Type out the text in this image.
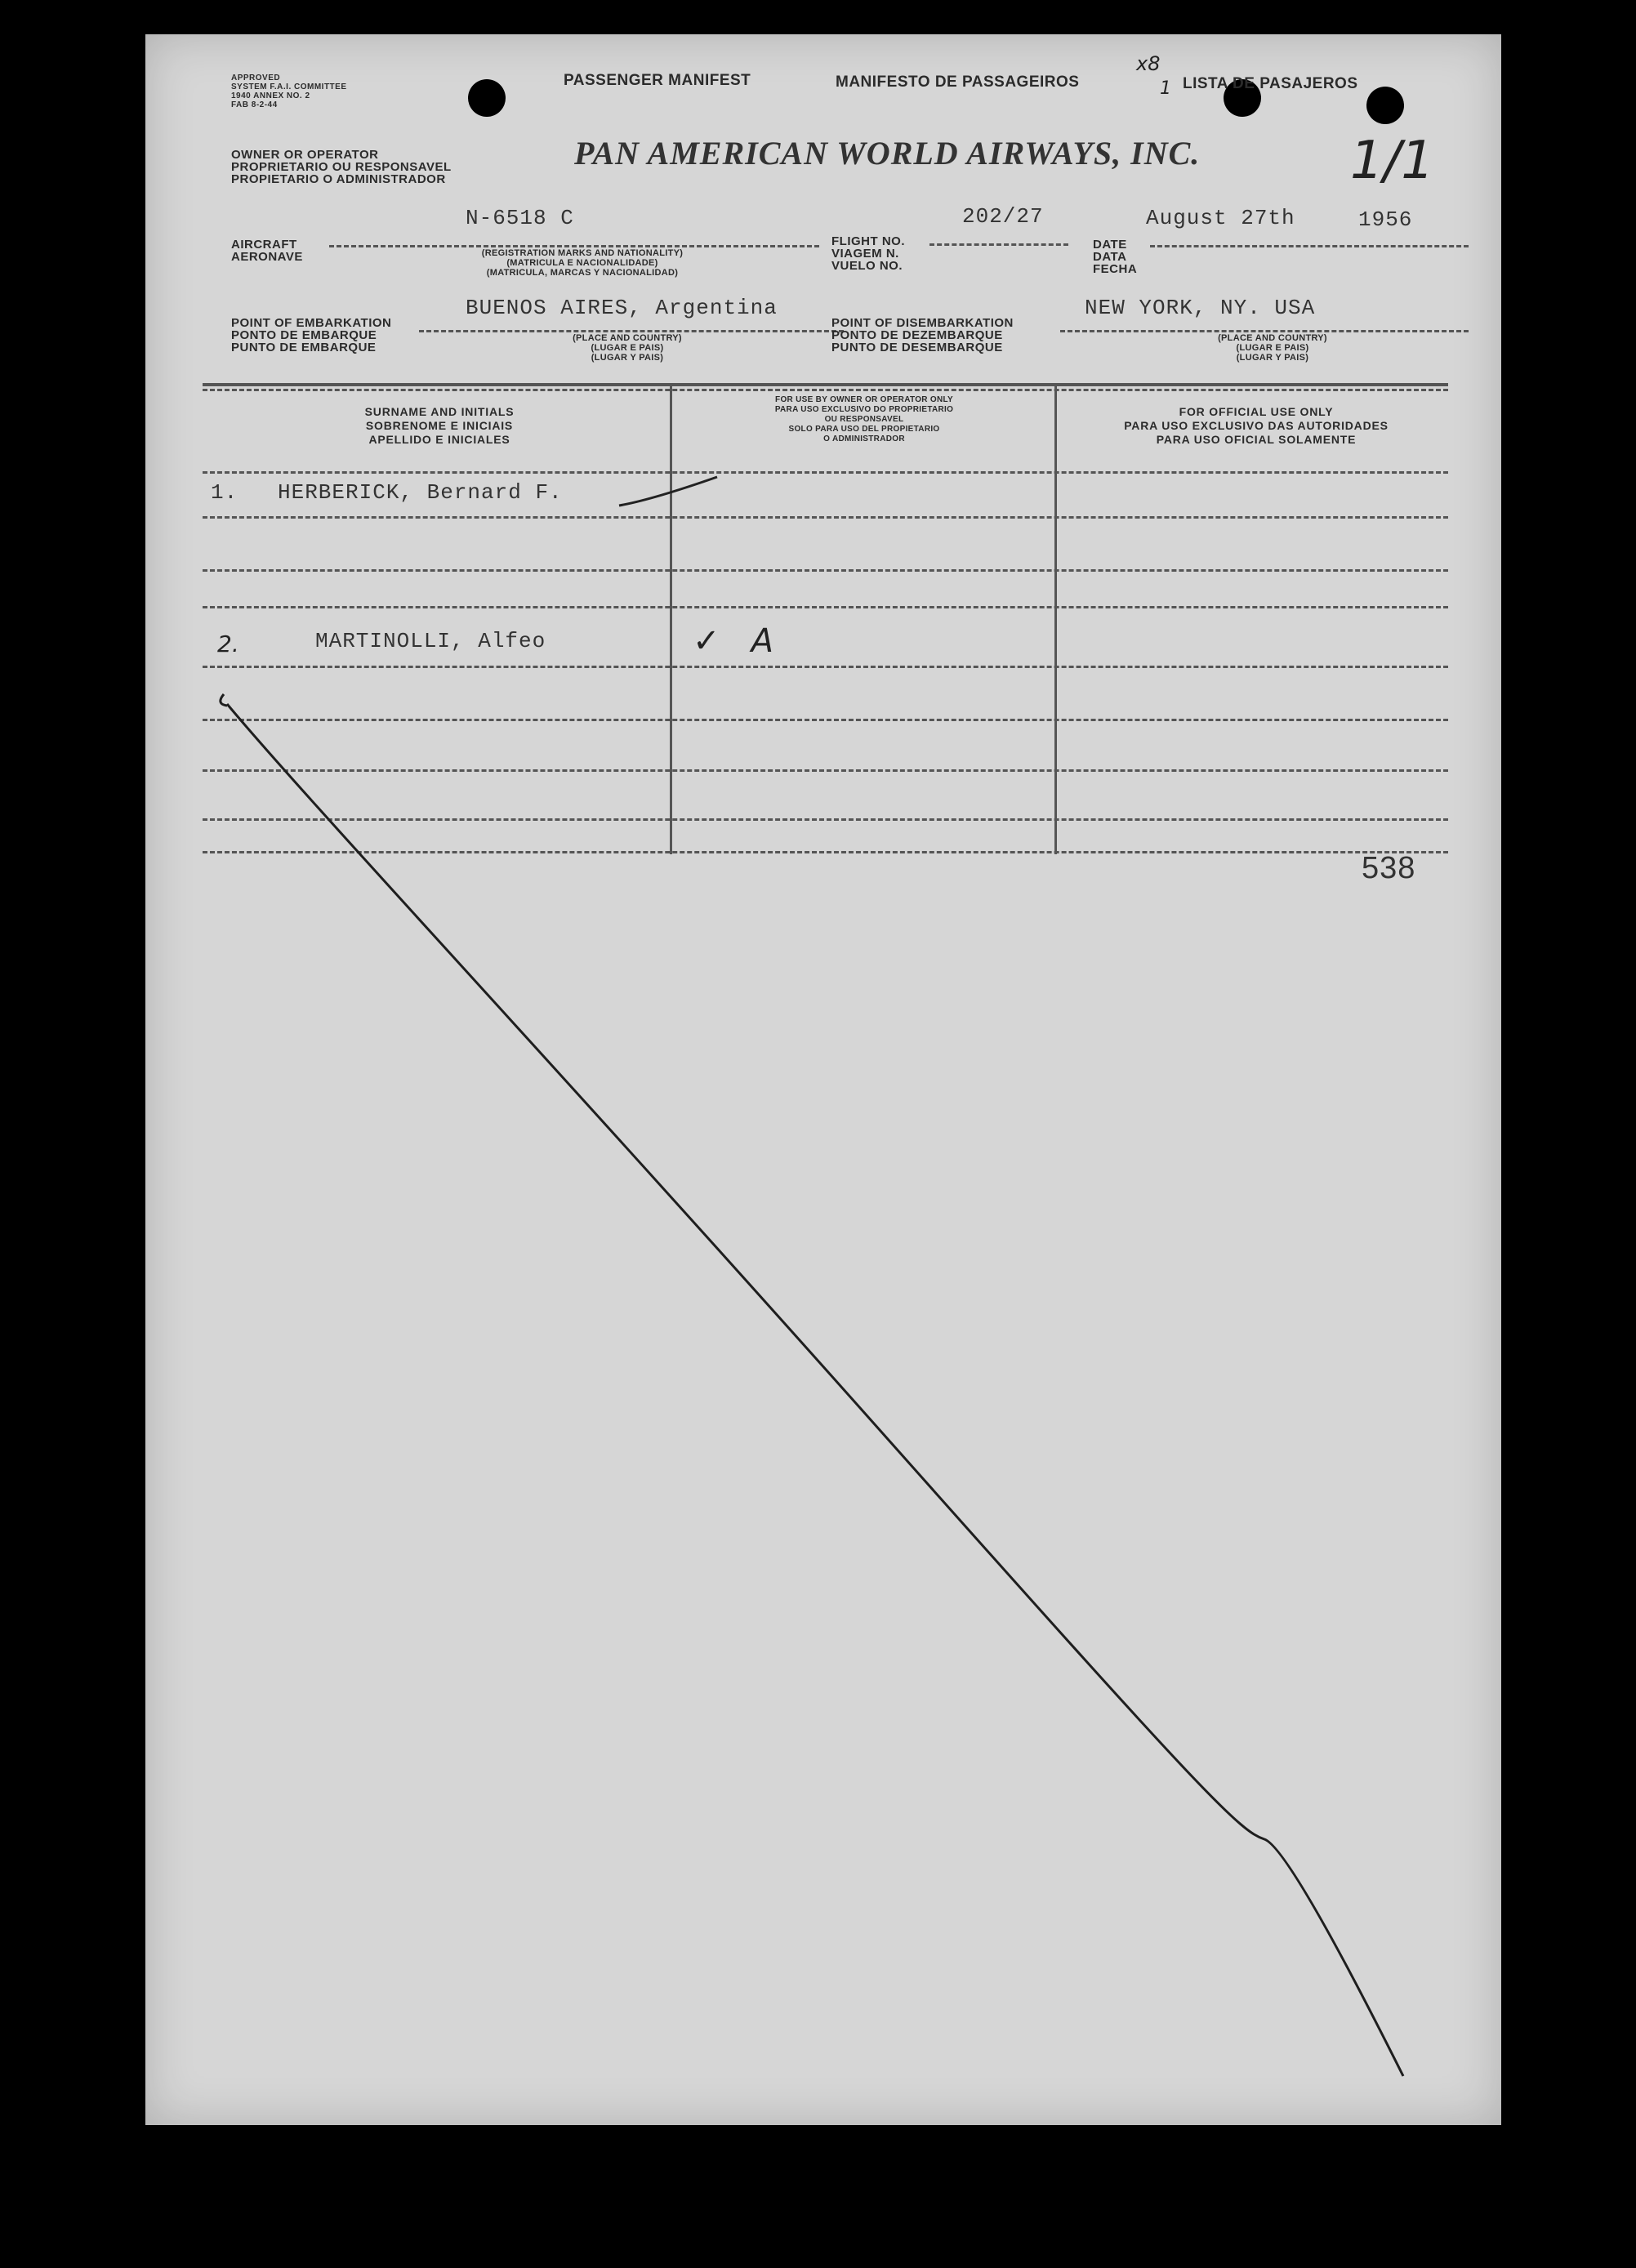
APPROVED
SYSTEM F.A.I. COMMITTEE
1940 ANNEX NO. 2
FAB 8-2-44
PASSENGER MANIFEST	MANIFESTO DE PASSAGEIROS	LISTA DE PASAJEROS
x8
1
OWNER OR OPERATOR
PROPRIETARIO OU RESPONSAVEL
PROPIETARIO O ADMINISTRADOR
PAN AMERICAN WORLD AIRWAYS, INC.	1/1
AIRCRAFT
AERONAVE
N-6518 C
(REGISTRATION MARKS AND NATIONALITY)
(MATRICULA E NACIONALIDADE)
(MATRICULA, MARCAS Y NACIONALIDAD)
FLIGHT NO.
VIAGEM N.
VUELO NO.
202/27
DATE
DATA
FECHA
August 27th	1956
POINT OF EMBARKATION
PONTO DE EMBARQUE
PUNTO DE EMBARQUE
BUENOS AIRES, Argentina
(PLACE AND COUNTRY)
(LUGAR E PAIS)
(LUGAR Y PAIS)
POINT OF DISEMBARKATION
PONTO DE DEZEMBARQUE
PUNTO DE DESEMBARQUE
NEW YORK, NY. USA
(PLACE AND COUNTRY)
(LUGAR E PAIS)
(LUGAR Y PAIS)
SURNAME AND INITIALS
SOBRENOME E INICIAIS
APELLIDO E INICIALES
FOR USE BY OWNER OR OPERATOR ONLY
PARA USO EXCLUSIVO DO PROPRIETARIO
OU RESPONSAVEL
SOLO PARA USO DEL PROPIETARIO
O ADMINISTRADOR
FOR OFFICIAL USE ONLY
PARA USO EXCLUSIVO DAS AUTORIDADES
PARA USO OFICIAL SOLAMENTE
1. HERBERICK, Bernard F.
2.	MARTINOLLI, Alfeo	✓   A
538
